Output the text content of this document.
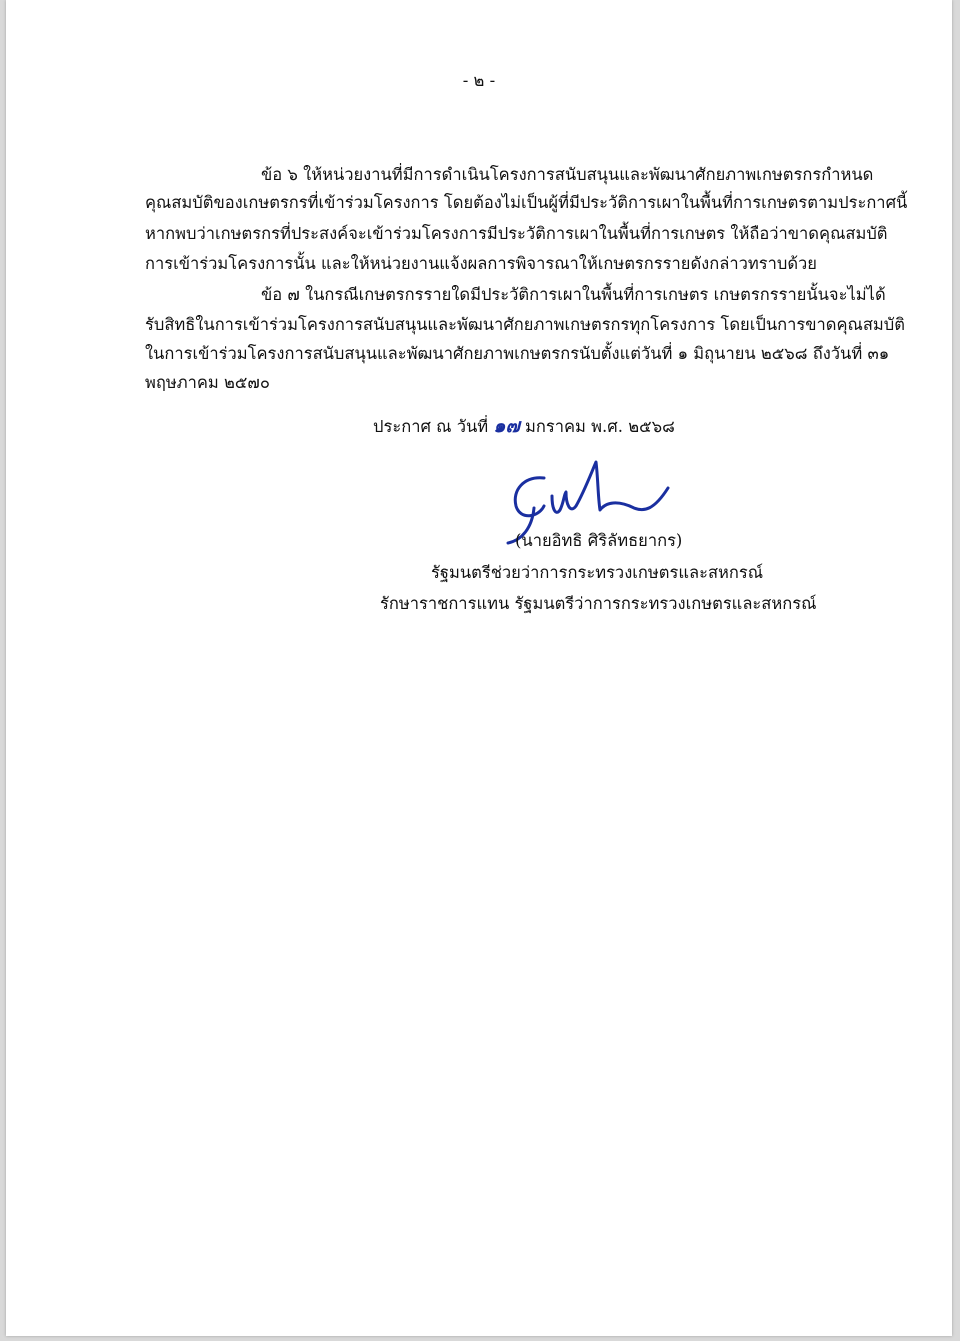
- ๒ -
ข้อ ๖ ให้หน่วยงานที่มีการดำเนินโครงการสนับสนุนและพัฒนาศักยภาพเกษตรกรกำหนด
คุณสมบัติของเกษตรกรที่เข้าร่วมโครงการ โดยต้องไม่เป็นผู้ที่มีประวัติการเผาในพื้นที่การเกษตรตามประกาศนี้
หากพบว่าเกษตรกรที่ประสงค์จะเข้าร่วมโครงการมีประวัติการเผาในพื้นที่การเกษตร ให้ถือว่าขาดคุณสมบัติ
การเข้าร่วมโครงการนั้น และให้หน่วยงานแจ้งผลการพิจารณาให้เกษตรกรรายดังกล่าวทราบด้วย
ข้อ ๗ ในกรณีเกษตรกรรายใดมีประวัติการเผาในพื้นที่การเกษตร เกษตรกรรายนั้นจะไม่ได้
รับสิทธิในการเข้าร่วมโครงการสนับสนุนและพัฒนาศักยภาพเกษตรกรทุกโครงการ โดยเป็นการขาดคุณสมบัติ
ในการเข้าร่วมโครงการสนับสนุนและพัฒนาศักยภาพเกษตรกรนับตั้งแต่วันที่ ๑ มิถุนายน ๒๕๖๘ ถึงวันที่ ๓๑
พฤษภาคม ๒๕๗๐
ประกาศ ณ วันที่ ๑๗ มกราคม พ.ศ. ๒๕๖๘
(นายอิทธิ ศิริลัทธยากร)
รัฐมนตรีช่วยว่าการกระทรวงเกษตรและสหกรณ์
รักษาราชการแทน รัฐมนตรีว่าการกระทรวงเกษตรและสหกรณ์
